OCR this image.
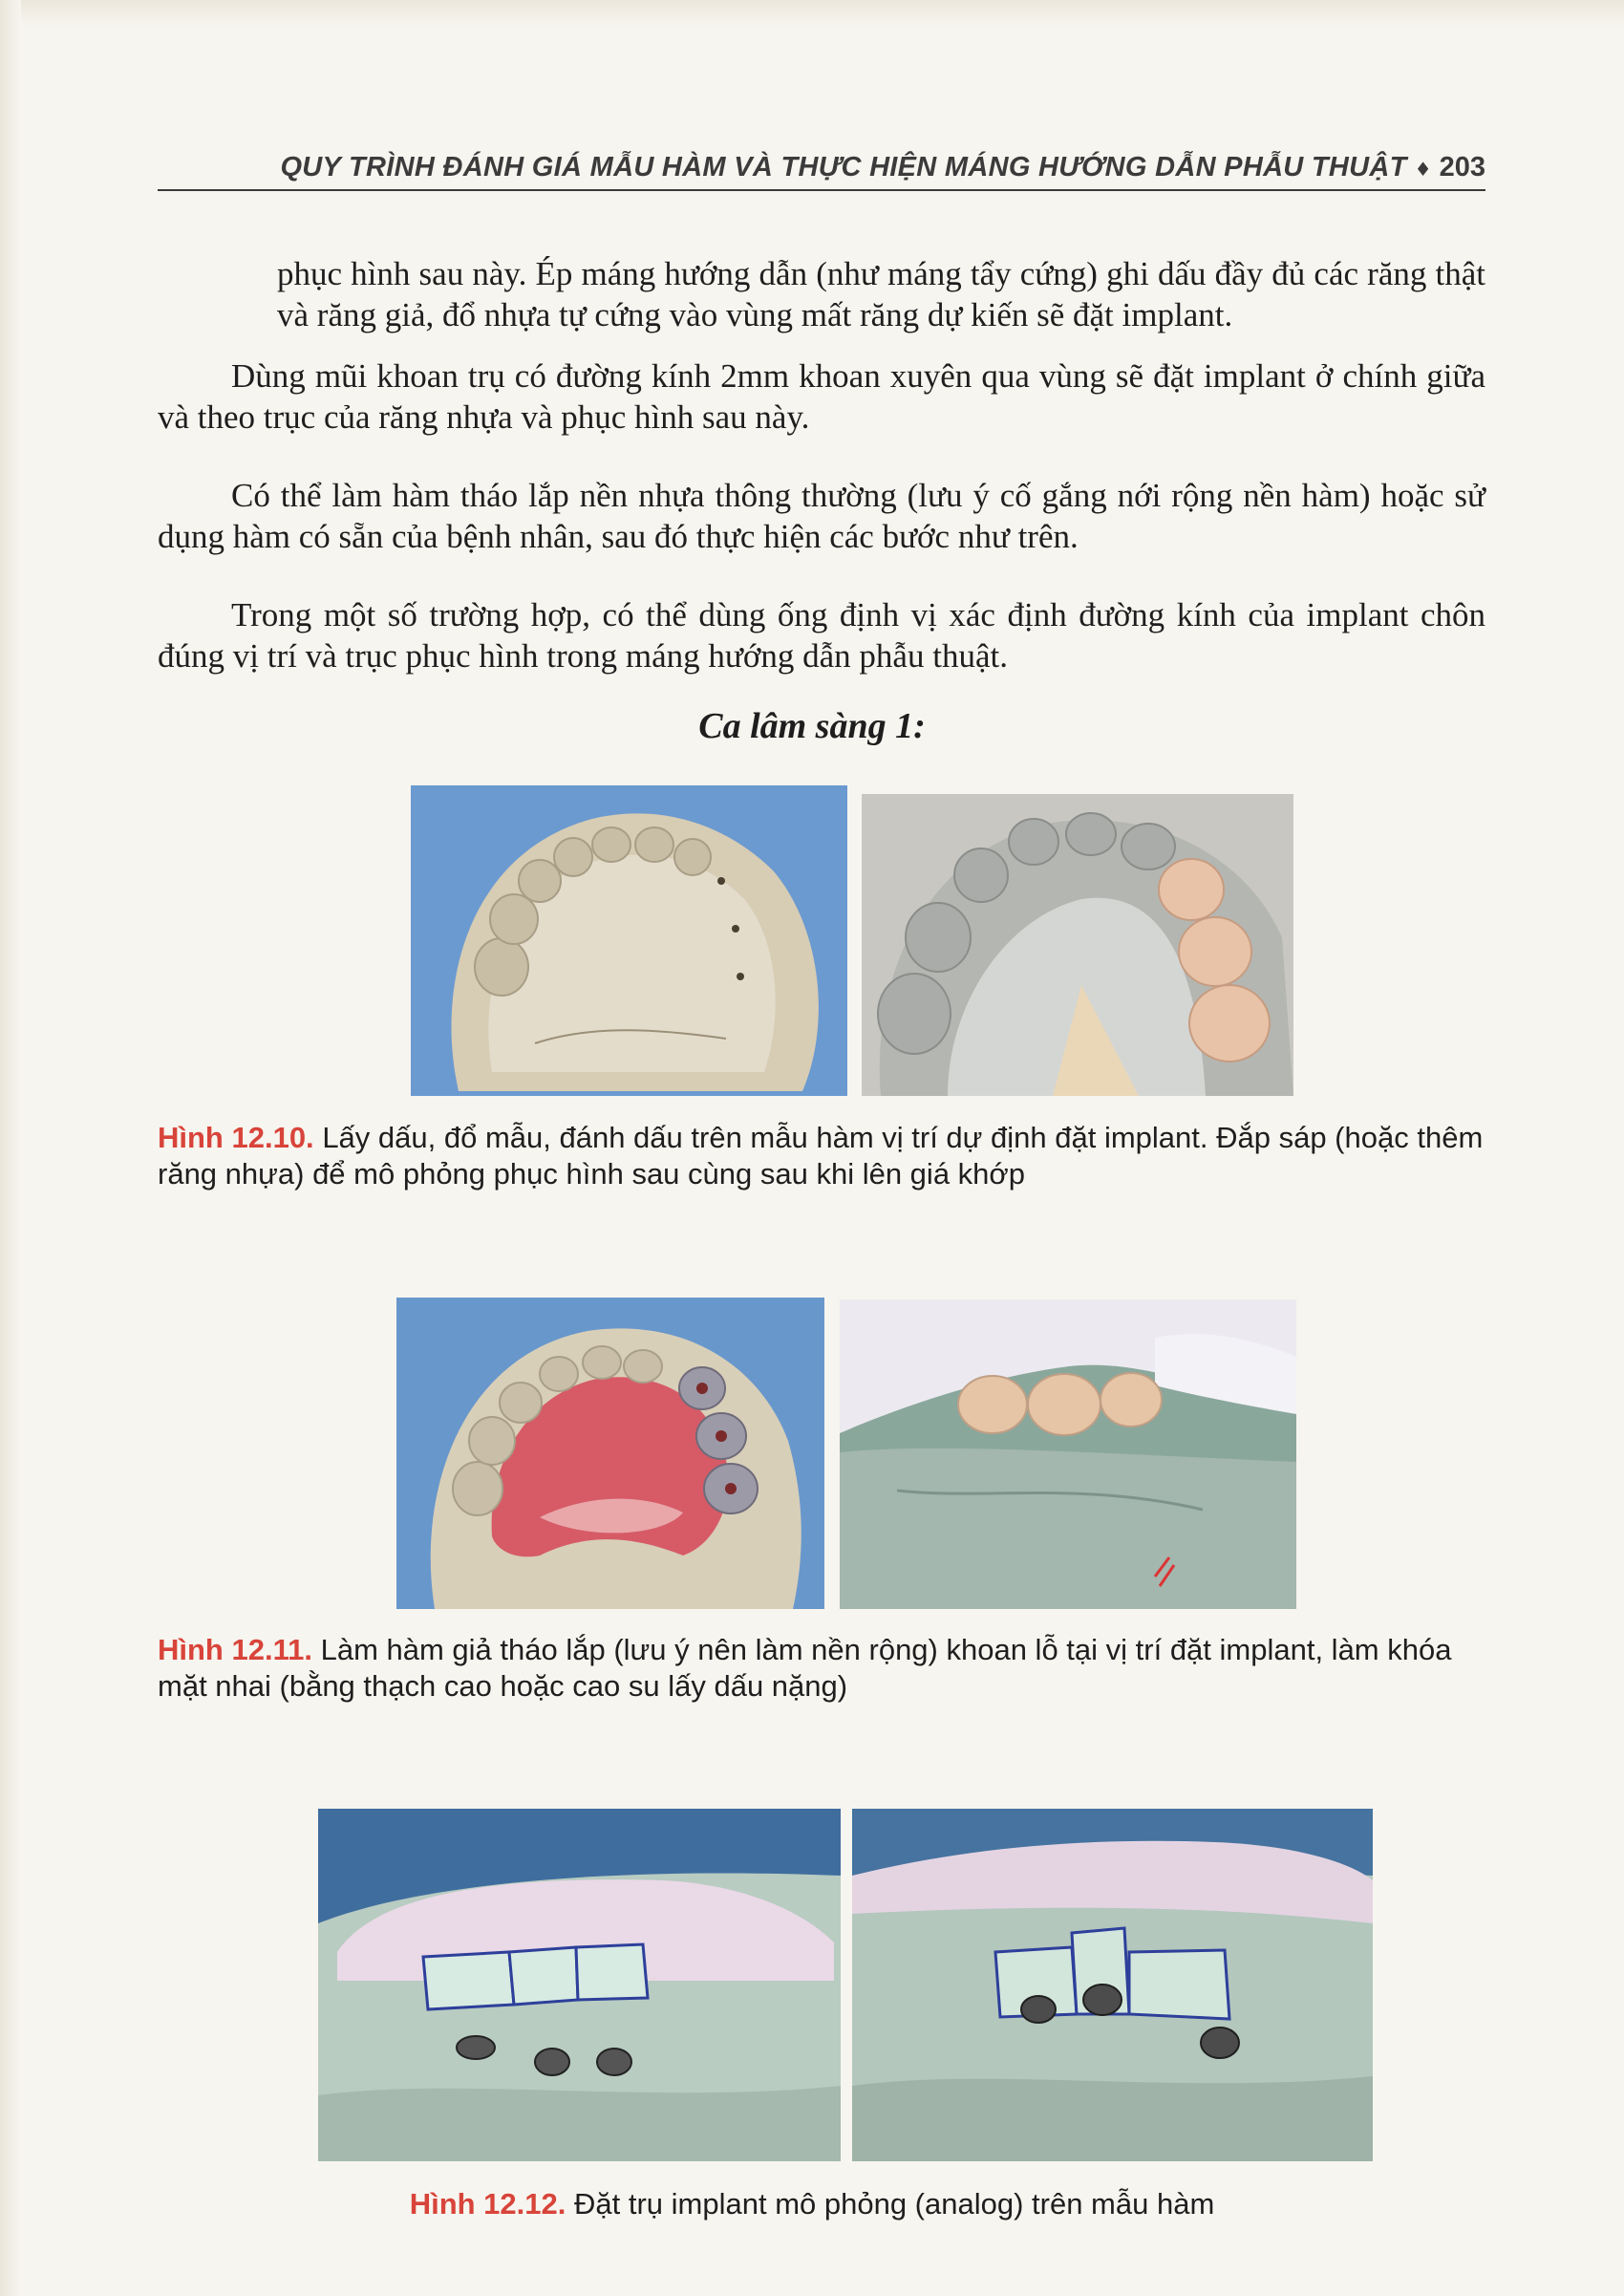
QUY TRÌNH ĐÁNH GIÁ MẪU HÀM VÀ THỰC HIỆN MÁNG HƯỚNG DẪN PHẪU THUẬT ♦ 203

phục hình sau này. Ép máng hướng dẫn (như máng tẩy cứng) ghi dấu đầy đủ các răng thật và răng giả, đổ nhựa tự cứng vào vùng mất răng dự kiến sẽ đặt implant.

Dùng mũi khoan trụ có đường kính 2mm khoan xuyên qua vùng sẽ đặt implant ở chính giữa và theo trục của răng nhựa và phục hình sau này.

Có thể làm hàm tháo lắp nền nhựa thông thường (lưu ý cố gắng nới rộng nền hàm) hoặc sử dụng hàm có sẵn của bệnh nhân, sau đó thực hiện các bước như trên.

Trong một số trường hợp, có thể dùng ống định vị xác định đường kính của implant chôn đúng vị trí và trục phục hình trong máng hướng dẫn phẫu thuật.

Ca lâm sàng 1:

Hình 12.10. Lấy dấu, đổ mẫu, đánh dấu trên mẫu hàm vị trí dự định đặt implant. Đắp sáp (hoặc thêm răng nhựa) để mô phỏng phục hình sau cùng sau khi lên giá khớp

Hình 12.11. Làm hàm giả tháo lắp (lưu ý nên làm nền rộng) khoan lỗ tại vị trí đặt implant, làm khóa mặt nhai (bằng thạch cao hoặc cao su lấy dấu nặng)

Hình 12.12. Đặt trụ implant mô phỏng (analog) trên mẫu hàm
